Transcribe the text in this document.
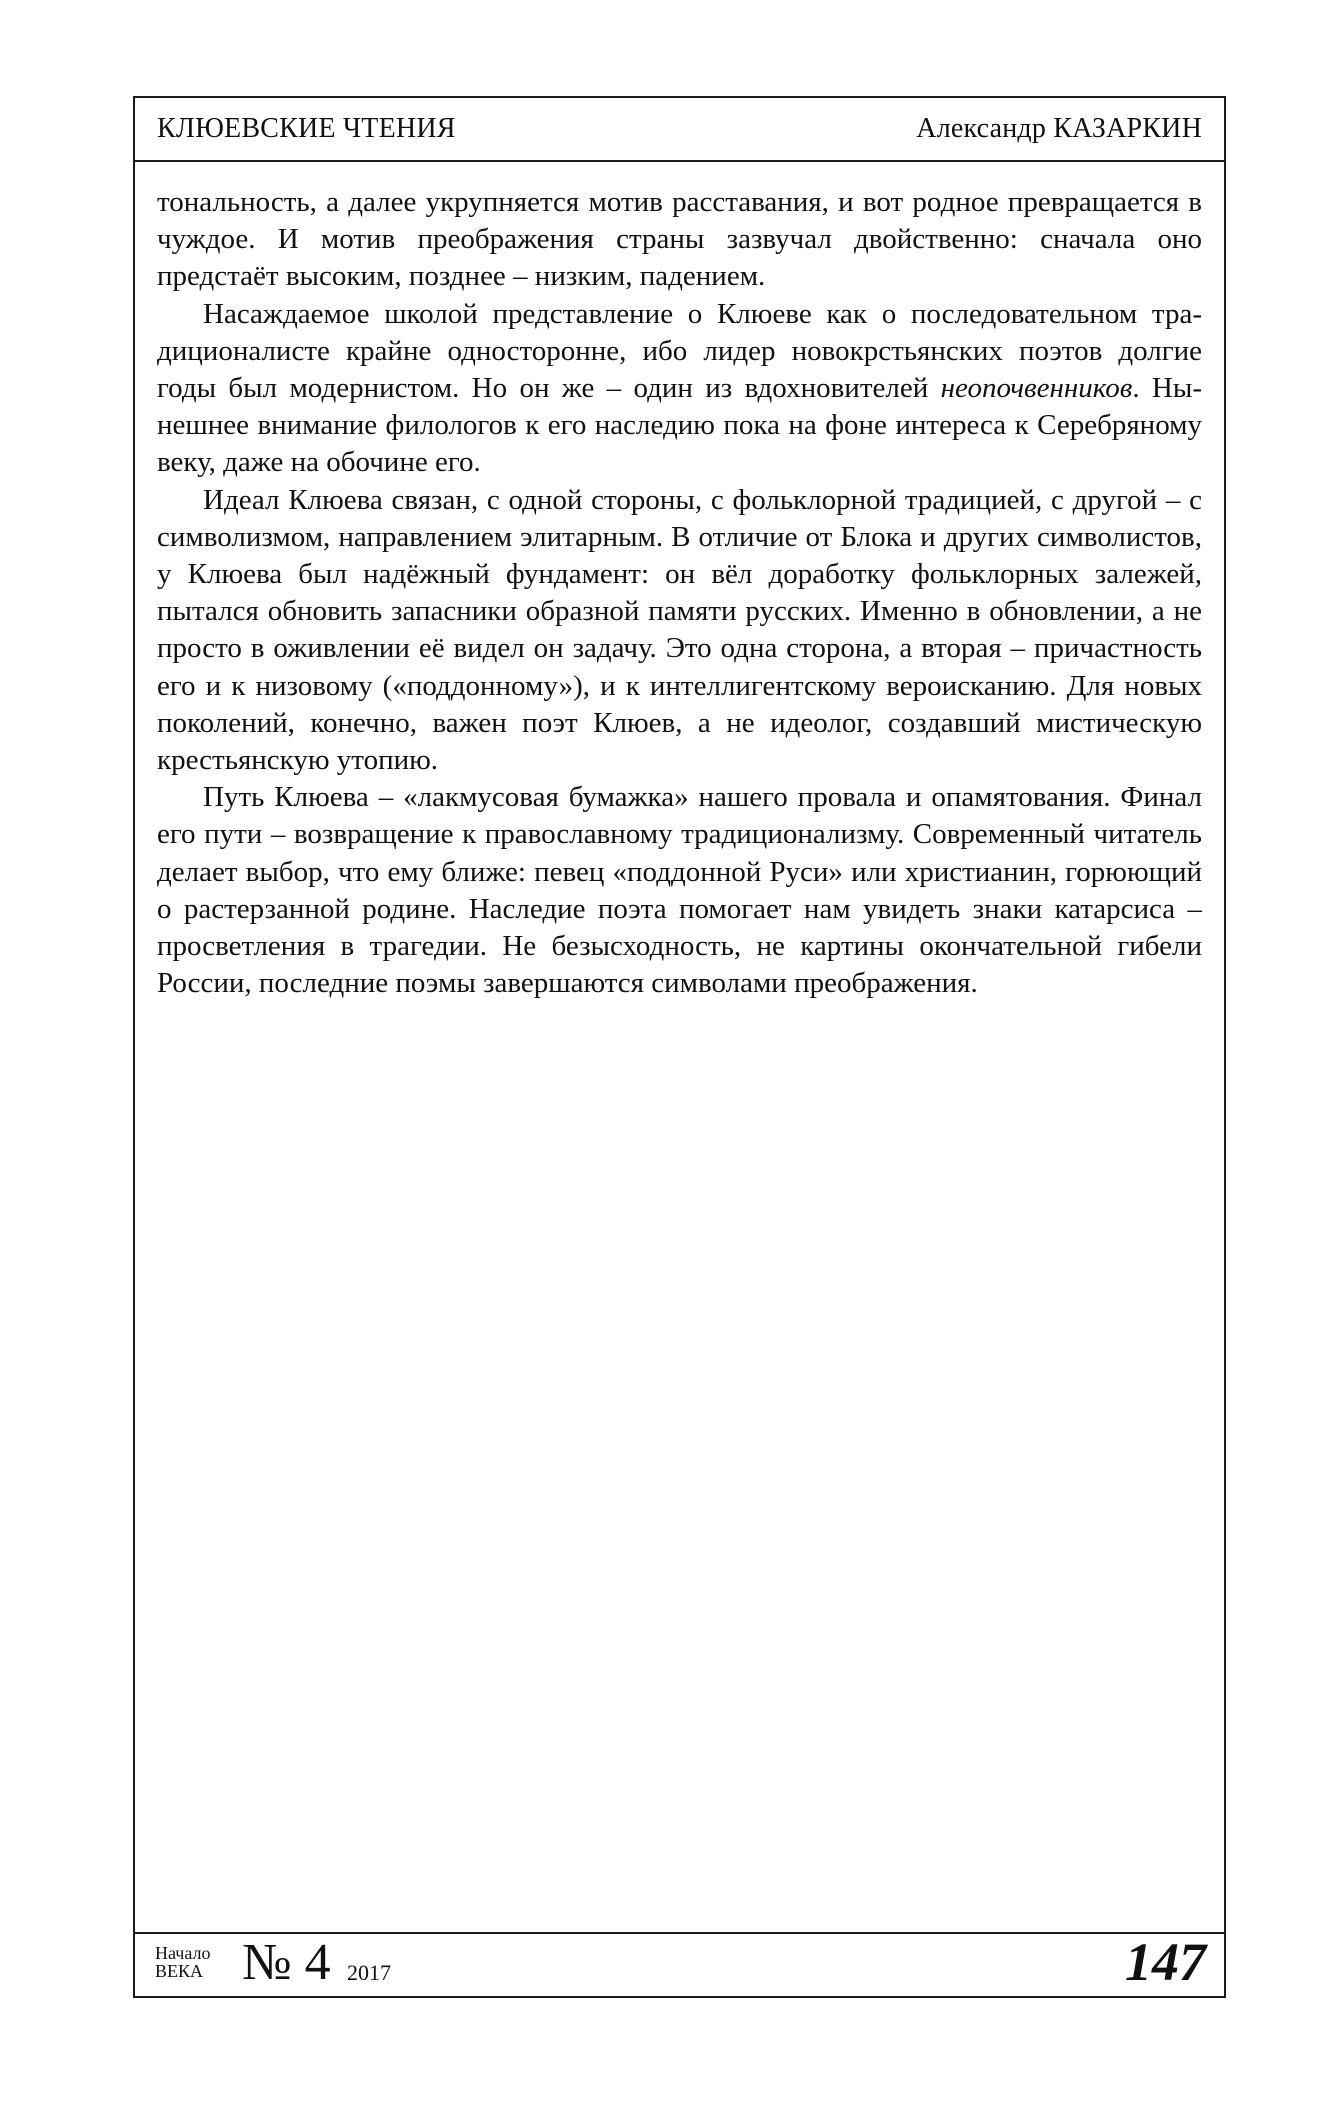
КЛЮЕВСКИЕ ЧТЕНИЯ	Александр КАЗАРКИН

тональность, а далее укрупняется мотив расставания, и вот родное превращается в чуждое. И мотив преображения страны зазвучал двойственно: сначала оно предстаёт высоким, позднее – низким, падением.

Насаждаемое школой представление о Клюеве как о последовательном традиционалисте крайне одностороннe, ибо лидер новокрстьянских поэтов долгие годы был модернистом. Но он же – один из вдохновителей неопочвенников. Нынешнее внимание филологов к его наследию пока на фоне интереса к Серебряному веку, даже на обочине его.

Идеал Клюева связан, с одной стороны, с фольклорной традицией, с другой – с символизмом, направлением элитарным. В отличие от Блока и других символистов, у Клюева был надёжный фундамент: он вёл доработку фольклорных залежей, пытался обновить запасники образной памяти русских. Именно в обновлении, а не просто в оживлении её видел он задачу. Это одна сторона, а вторая – причастность его и к низовому («поддонному»), и к интеллигентскому вероисканию. Для новых поколений, конечно, важен поэт Клюев, а не идеолог, создавший мистическую крестьянскую утопию.

Путь Клюева – «лакмусовая бумажка» нашего провала и опамятования. Финал его пути – возвращение к православному традиционализму. Современный читатель делает выбор, что ему ближе: певец «поддонной Руси» или христианин, горюющий о растерзанной родине. Наследие поэта помогает нам увидеть знаки катарсиса – просветления в трагедии. Не безысходность, не картины окончательной гибели России, последние поэмы завершаются символами преображения.

Начало
ВЕКА № 4 2017	147
